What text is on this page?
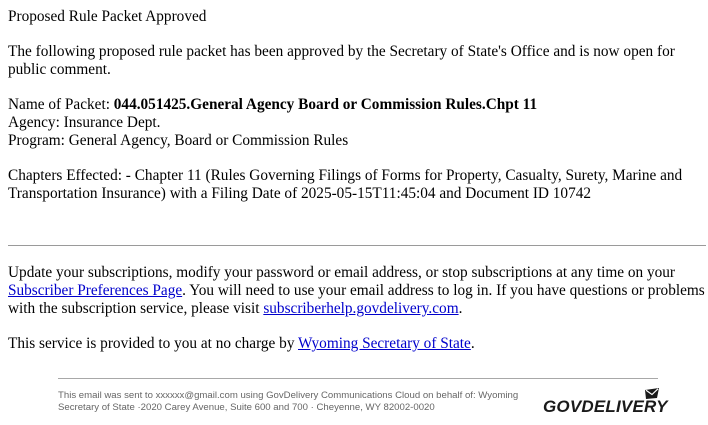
Proposed Rule Packet Approved

The following proposed rule packet has been approved by the Secretary of State's Office and is now open for public comment.

Name of Packet: 044.051425.General Agency Board or Commission Rules.Chpt 11

Agency: Insurance Dept.

Program: General Agency, Board or Commission Rules

Chapters Effected: - Chapter 11 (Rules Governing Filings of Forms for Property, Casualty, Surety, Marine and Transportation Insurance) with a Filing Date of 2025-05-15T11:45:04 and Document ID 10742

Update your subscriptions, modify your password or email address, or stop subscriptions at any time on your Subscriber Preferences Page. You will need to use your email address to log in. If you have questions or problems with the subscription service, please visit subscriberhelp.govdelivery.com.

This service is provided to you at no charge by Wyoming Secretary of State.

This email was sent to xxxxxx@gmail.com using GovDelivery Communications Cloud on behalf of: Wyoming
Secretary of State ·2020 Carey Avenue, Suite 600 and 700 · Cheyenne, WY 82002-0020	GOVDELIVERY
